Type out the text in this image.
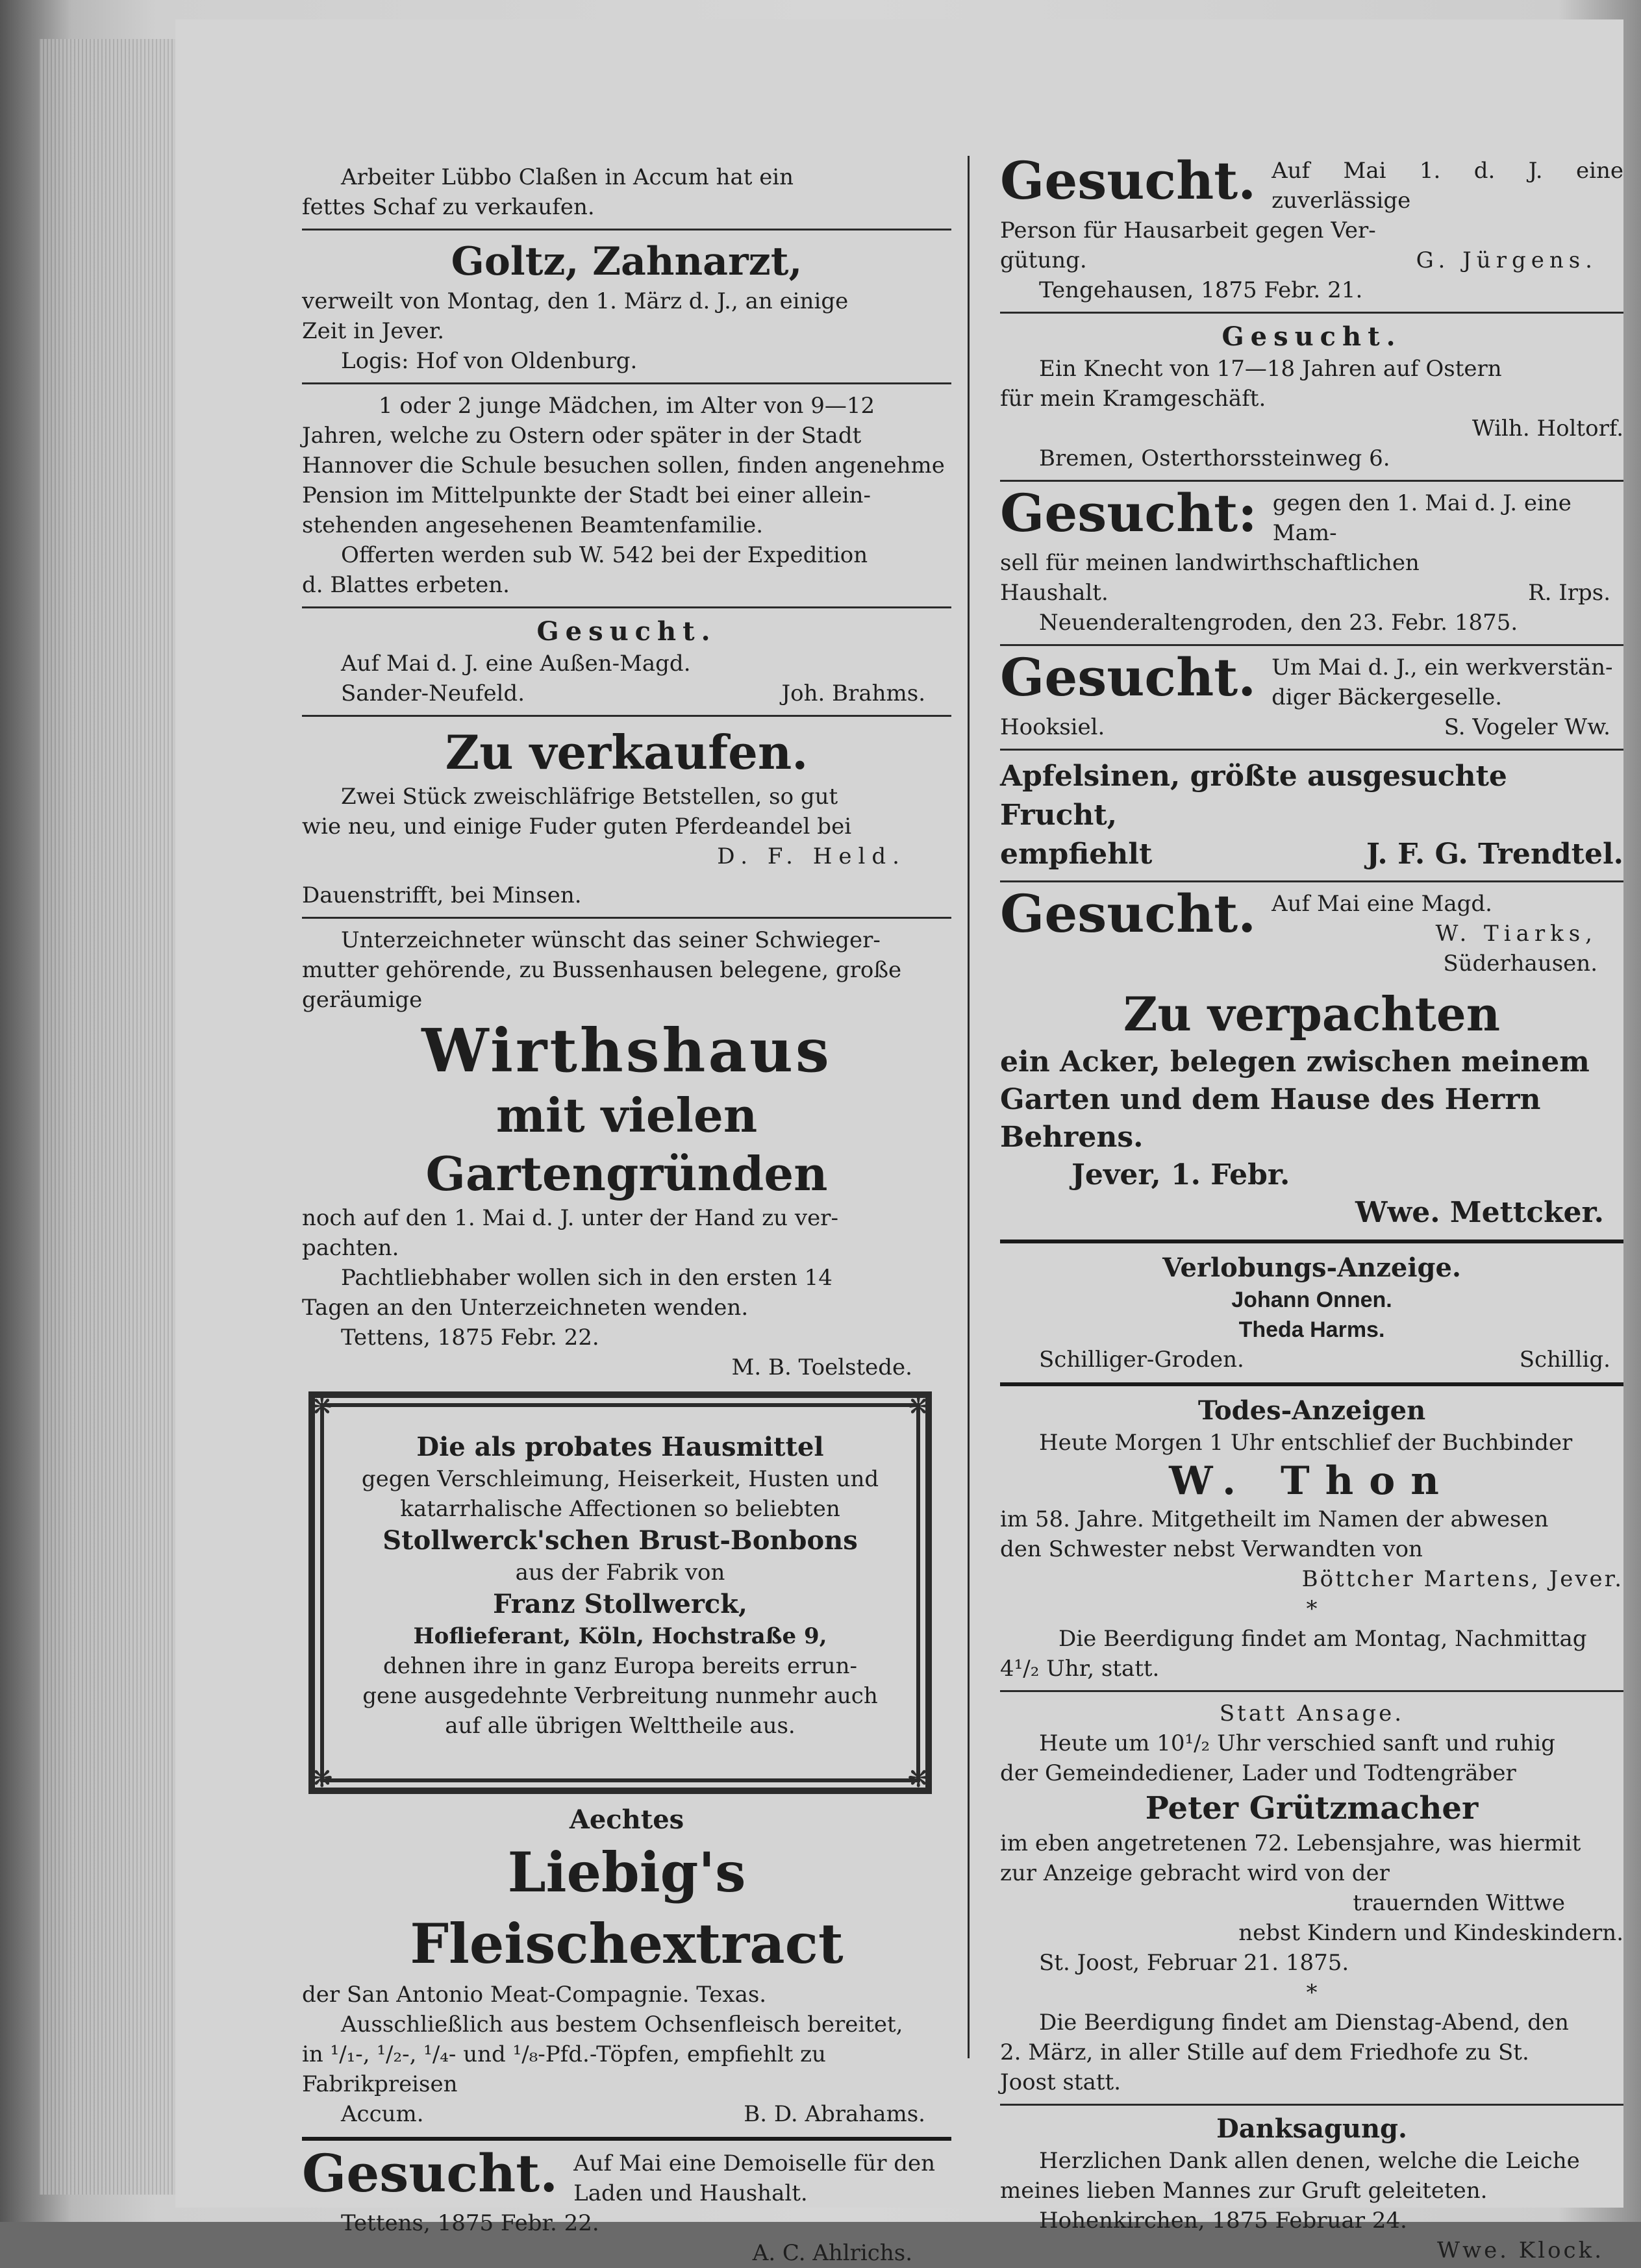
Arbeiter Lübbo Claßen in Accum hat ein

fettes Schaf zu verkaufen.

Goltz, Zahnarzt,

verweilt von Montag, den 1. März d. J., an einige

Zeit in Jever.

Logis: Hof von Oldenburg.

1 oder 2 junge Mädchen, im Alter von 9—12

Jahren, welche zu Ostern oder später in der Stadt

Hannover die Schule besuchen sollen, finden angenehme

Pension im Mittelpunkte der Stadt bei einer allein-

stehenden angesehenen Beamtenfamilie.

Offerten werden sub W. 542 bei der Expedition

d. Blattes erbeten.

Gesucht.

Auf Mai d. J. eine Außen-Magd.

Sander-Neufeld.	Joh. Brahms.

Zu verkaufen.

Zwei Stück zweischläfrige Betstellen, so gut

wie neu, und einige Fuder guten Pferdeandel bei

D. F. Held.

Dauenstrifft, bei Minsen.

Unterzeichneter wünscht das seiner Schwieger-

mutter gehörende, zu Bussenhausen belegene, große

geräumige

Wirthshaus

mit vielen Gartengründen

noch auf den 1. Mai d. J. unter der Hand zu ver-

pachten.

Pachtliebhaber wollen sich in den ersten 14

Tagen an den Unterzeichneten wenden.

Tettens, 1875 Febr. 22.

M. B. Toelstede.

❋	❋
❋	❋

Die als probates Hausmittel

gegen Verschleimung, Heiserkeit, Husten und

katarrhalische Affectionen so beliebten

Stollwerck'schen Brust-Bonbons

aus der Fabrik von

Franz Stollwerck,

Hoflieferant, Köln, Hochstraße 9,

dehnen ihre in ganz Europa bereits errun-

gene ausgedehnte Verbreitung nunmehr auch

auf alle übrigen Welttheile aus.

Aechtes

Liebig's Fleischextract

der San Antonio Meat-Compagnie. Texas.

Ausschließlich aus bestem Ochsenfleisch bereitet,

in ¹/₁-, ¹/₂-, ¹/₄- und ¹/₈-Pfd.-Töpfen, empfiehlt zu

Fabrikpreisen

Accum.	B. D. Abrahams.
Gesucht. Auf Mai eine Demoiselle für den

Laden und Haushalt.

Tettens, 1875 Febr. 22.

A. C. Ahlrichs.

Gesucht. Auf Mai 1. d. J. eine zuverlässige

Person für Hausarbeit gegen Ver-

gütung.	G. Jürgens.

Tengehausen, 1875 Febr. 21.

Gesucht.

Ein Knecht von 17—18 Jahren auf Ostern

für mein Kramgeschäft.

Wilh. Holtorf.

Bremen, Osterthorssteinweg 6.

Gesucht: gegen den 1. Mai d. J. eine Mam-

sell für meinen landwirthschaftlichen

Haushalt.	R. Irps.

Neuenderaltengroden, den 23. Febr. 1875.

Gesucht. Um Mai d. J., ein werkverstän-

diger Bäckergeselle.

Hooksiel.	S. Vogeler Ww.

Apfelsinen, größte ausgesuchte Frucht,

empfiehlt	J. F. G. Trendtel.
Gesucht. Auf Mai eine Magd.

W. Tiarks,

Süderhausen.

Zu verpachten

ein Acker, belegen zwischen meinem

Garten und dem Hause des Herrn

Behrens.

Jever, 1. Febr.

Wwe. Mettcker.

Verlobungs-Anzeige.

Johann Onnen.

Theda Harms.

Schilliger-Groden.	Schillig.

Todes-Anzeigen

Heute Morgen 1 Uhr entschlief der Buchbinder

W. Thon

im 58. Jahre. Mitgetheilt im Namen der abwesen

den Schwester nebst Verwandten von

Böttcher Martens, Jever.

*

Die Beerdigung findet am Montag, Nachmittag

4¹/₂ Uhr, statt.

Statt Ansage.

Heute um 10¹/₂ Uhr verschied sanft und ruhig

der Gemeindediener, Lader und Todtengräber

Peter Grützmacher

im eben angetretenen 72. Lebensjahre, was hiermit

zur Anzeige gebracht wird von der

trauernden Wittwe

nebst Kindern und Kindeskindern.

St. Joost, Februar 21. 1875.

*

Die Beerdigung findet am Dienstag-Abend, den

2. März, in aller Stille auf dem Friedhofe zu St.

Joost statt.

Danksagung.

Herzlichen Dank allen denen, welche die Leiche

meines lieben Mannes zur Gruft geleiteten.

Hohenkirchen, 1875 Februar 24.

Wwe. Klock.
